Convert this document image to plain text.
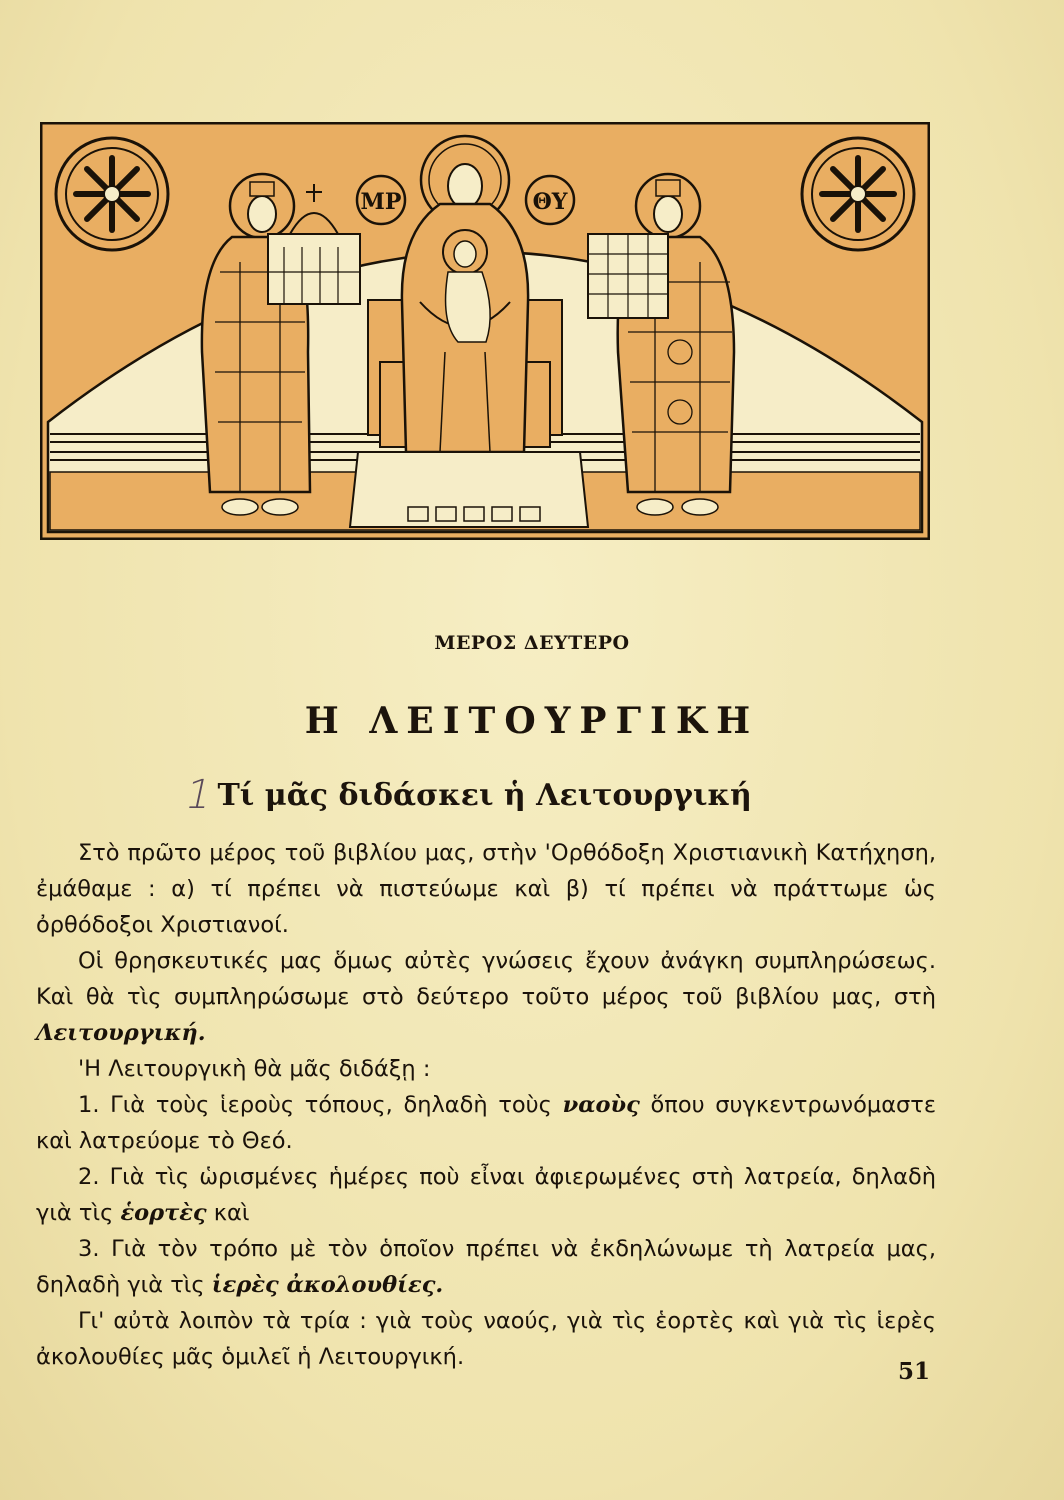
ΜΡ	ΘΥ
ΜΕΡΟΣ ΔΕΥΤΕΡΟ
Η ΛΕΙΤΟΥΡΓΙΚΗ
1 Τί μᾶς διδάσκει ἡ Λειτουργική

Στὸ πρῶτο μέρος τοῦ βιβλίου μας, στὴν 'Ορθόδοξη Χριστιανικὴ Κατήχηση, ἐμάθαμε : α) τί πρέπει νὰ πιστεύωμε καὶ β) τί πρέπει νὰ πράττωμε ὡς ὀρθόδοξοι Χριστιανοί.

Οἱ θρησκευτικές μας ὅμως αὐτὲς γνώσεις ἔχουν ἀνάγκη συμπληρώσεως. Καὶ θὰ τὶς συμπληρώσωμε στὸ δεύτερο τοῦτο μέρος τοῦ βιβλίου μας, στὴ Λειτουργική.

'Η Λειτουργικὴ θὰ μᾶς διδάξῃ :

1. Γιὰ τοὺς ἱεροὺς τόπους, δηλαδὴ τοὺς ναοὺς ὅπου συγκεντρωνόμαστε καὶ λατρεύομε τὸ Θεό.

2. Γιὰ τὶς ὡρισμένες ἡμέρες ποὺ εἶναι ἀφιερωμένες στὴ λατρεία, δηλαδὴ γιὰ τὶς ἑορτὲς καὶ

3. Γιὰ τὸν τρόπο μὲ τὸν ὁποῖον πρέπει νὰ ἐκδηλώνωμε τὴ λατρεία μας, δηλαδὴ γιὰ τὶς ἱερὲς ἀκολουθίες.

Γι' αὐτὰ λοιπὸν τὰ τρία : γιὰ τοὺς ναούς, γιὰ τὶς ἑορτὲς καὶ γιὰ τὶς ἱερὲς ἀκολουθίες μᾶς ὁμιλεῖ ἡ Λειτουργική.

51
